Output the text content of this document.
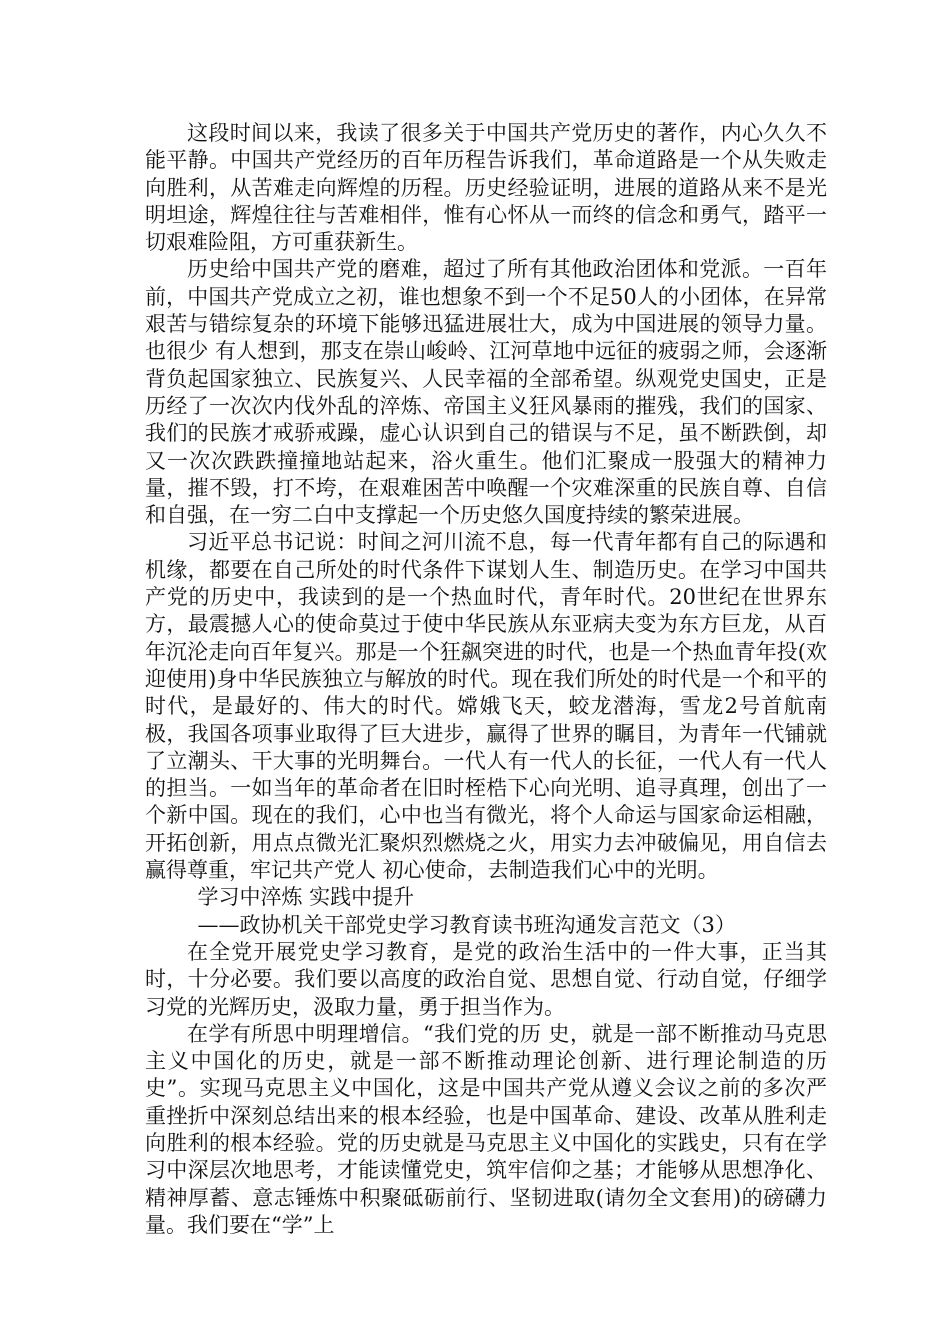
这段时间以来，我读了很多关于中国共产党历史的著作，内心久久不能平静。中国共产党经历的百年历程告诉我们，革命道路是一个从失败走向胜利，从苦难走向辉煌的历程。历史经验证明，进展的道路从来不是光明坦途，辉煌往往与苦难相伴，惟有心怀从一而终的信念和勇气，踏平一切艰难险阻，方可重获新生。

历史给中国共产党的磨难，超过了所有其他政治团体和党派。一百年前，中国共产党成立之初，谁也想象不到一个不足50人的小团体，在异常艰苦与错综复杂的环境下能够迅猛进展壮大，成为中国进展的领导力量。也很少 有人想到，那支在崇山峻岭、江河草地中远征的疲弱之师，会逐渐背负起国家独立、民族复兴、人民幸福的全部希望。纵观党史国史，正是历经了一次次内伐外乱的淬炼、帝国主义狂风暴雨的摧残，我们的国家、我们的民族才戒骄戒躁，虚心认识到自己的错误与不足，虽不断跌倒，却又一次次跌跌撞撞地站起来，浴火重生。他们汇聚成一股强大的精神力量，摧不毁，打不垮，在艰难困苦中唤醒一个灾难深重的民族自尊、自信和自强，在一穷二白中支撑起一个历史悠久国度持续的繁荣进展。

习近平总书记说：时间之河川流不息，每一代青年都有自己的际遇和机缘，都要在自己所处的时代条件下谋划人生、制造历史。在学习中国共产党的历史中，我读到的是一个热血时代，青年时代。20世纪在世界东方，最震撼人心的使命莫过于使中华民族从东亚病夫变为东方巨龙，从百年沉沦走向百年复兴。那是一个狂飙突进的时代，也是一个热血青年投(欢迎使用)身中华民族独立与解放的时代。现在我们所处的时代是一个和平的时代，是最好的、伟大的时代。嫦娥飞天，蛟龙潜海，雪龙2号首航南极，我国各项事业取得了巨大进步，赢得了世界的瞩目，为青年一代铺就了立潮头、干大事的光明舞台。一代人有一代人的长征，一代人有一代人的担当。一如当年的革命者在旧时桎梏下心向光明、追寻真理，创出了一个新中国。现在的我们，心中也当有微光，将个人命运与国家命运相融，开拓创新，用点点微光汇聚炽烈燃烧之火，用实力去冲破偏见，用自信去赢得尊重，牢记共产党人 初心使命，去制造我们心中的光明。

学习中淬炼 实践中提升

——政协机关干部党史学习教育读书班沟通发言范文（3）

在全党开展党史学习教育，是党的政治生活中的一件大事，正当其时，十分必要。我们要以高度的政治自觉、思想自觉、行动自觉，仔细学习党的光辉历史，汲取力量，勇于担当作为。

在学有所思中明理增信。“我们党的历 史，就是一部不断推动马克思主义中国化的历史，就是一部不断推动理论创新、进行理论制造的历史”。实现马克思主义中国化，这是中国共产党从遵义会议之前的多次严重挫折中深刻总结出来的根本经验，也是中国革命、建设、改革从胜利走向胜利的根本经验。党的历史就是马克思主义中国化的实践史，只有在学习中深层次地思考，才能读懂党史，筑牢信仰之基；才能够从思想净化、精神厚蓄、意志锤炼中积聚砥砺前行、坚韧进取(请勿全文套用)的磅礴力量。我们要在“学”上
